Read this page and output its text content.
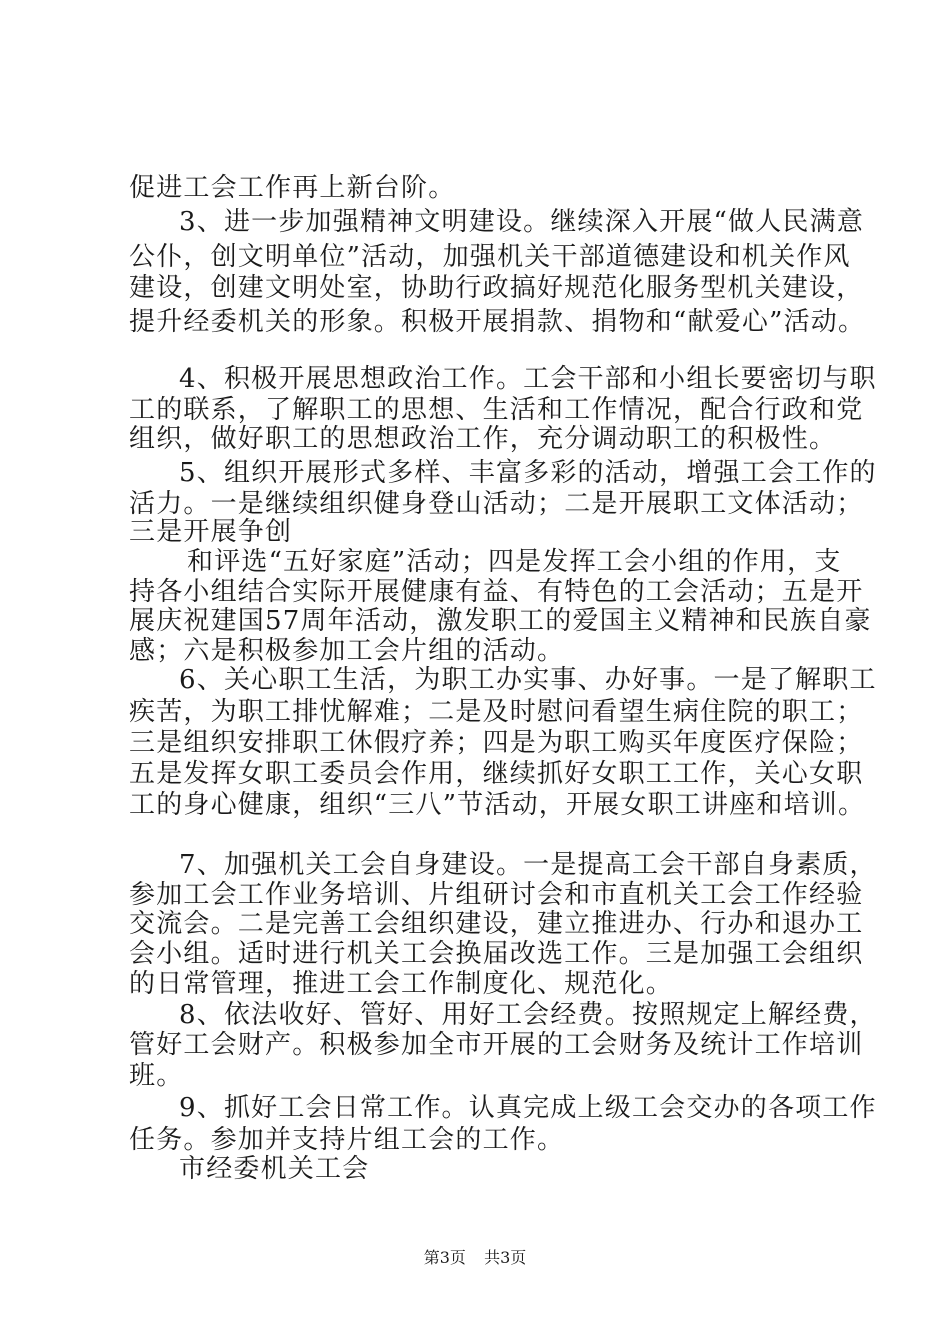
促进工会工作再上新台阶。
3、进一步加强精神文明建设。继续深入开展“做人民满意
公仆，创文明单位”活动，加强机关干部道德建设和机关作风
建设，创建文明处室，协助行政搞好规范化服务型机关建设，
提升经委机关的形象。积极开展捐款、捐物和“献爱心”活动。
4、积极开展思想政治工作。工会干部和小组长要密切与职
工的联系，了解职工的思想、生活和工作情况，配合行政和党
组织，做好职工的思想政治工作，充分调动职工的积极性。
5、组织开展形式多样、丰富多彩的活动，增强工会工作的
活力。一是继续组织健身登山活动；二是开展职工文体活动；
三是开展争创
和评选“五好家庭”活动；四是发挥工会小组的作用，支
持各小组结合实际开展健康有益、有特色的工会活动；五是开
展庆祝建国57周年活动，激发职工的爱国主义精神和民族自豪
感；六是积极参加工会片组的活动。
6、关心职工生活，为职工办实事、办好事。一是了解职工
疾苦，为职工排忧解难；二是及时慰问看望生病住院的职工；
三是组织安排职工休假疗养；四是为职工购买年度医疗保险；
五是发挥女职工委员会作用，继续抓好女职工工作，关心女职
工的身心健康，组织“三八”节活动，开展女职工讲座和培训。
7、加强机关工会自身建设。一是提高工会干部自身素质，
参加工会工作业务培训、片组研讨会和市直机关工会工作经验
交流会。二是完善工会组织建设，建立推进办、行办和退办工
会小组。适时进行机关工会换届改选工作。三是加强工会组织
的日常管理，推进工会工作制度化、规范化。
8、依法收好、管好、用好工会经费。按照规定上解经费，
管好工会财产。积极参加全市开展的工会财务及统计工作培训
班。
9、抓好工会日常工作。认真完成上级工会交办的各项工作
任务。参加并支持片组工会的工作。
市经委机关工会
第3页 共3页
